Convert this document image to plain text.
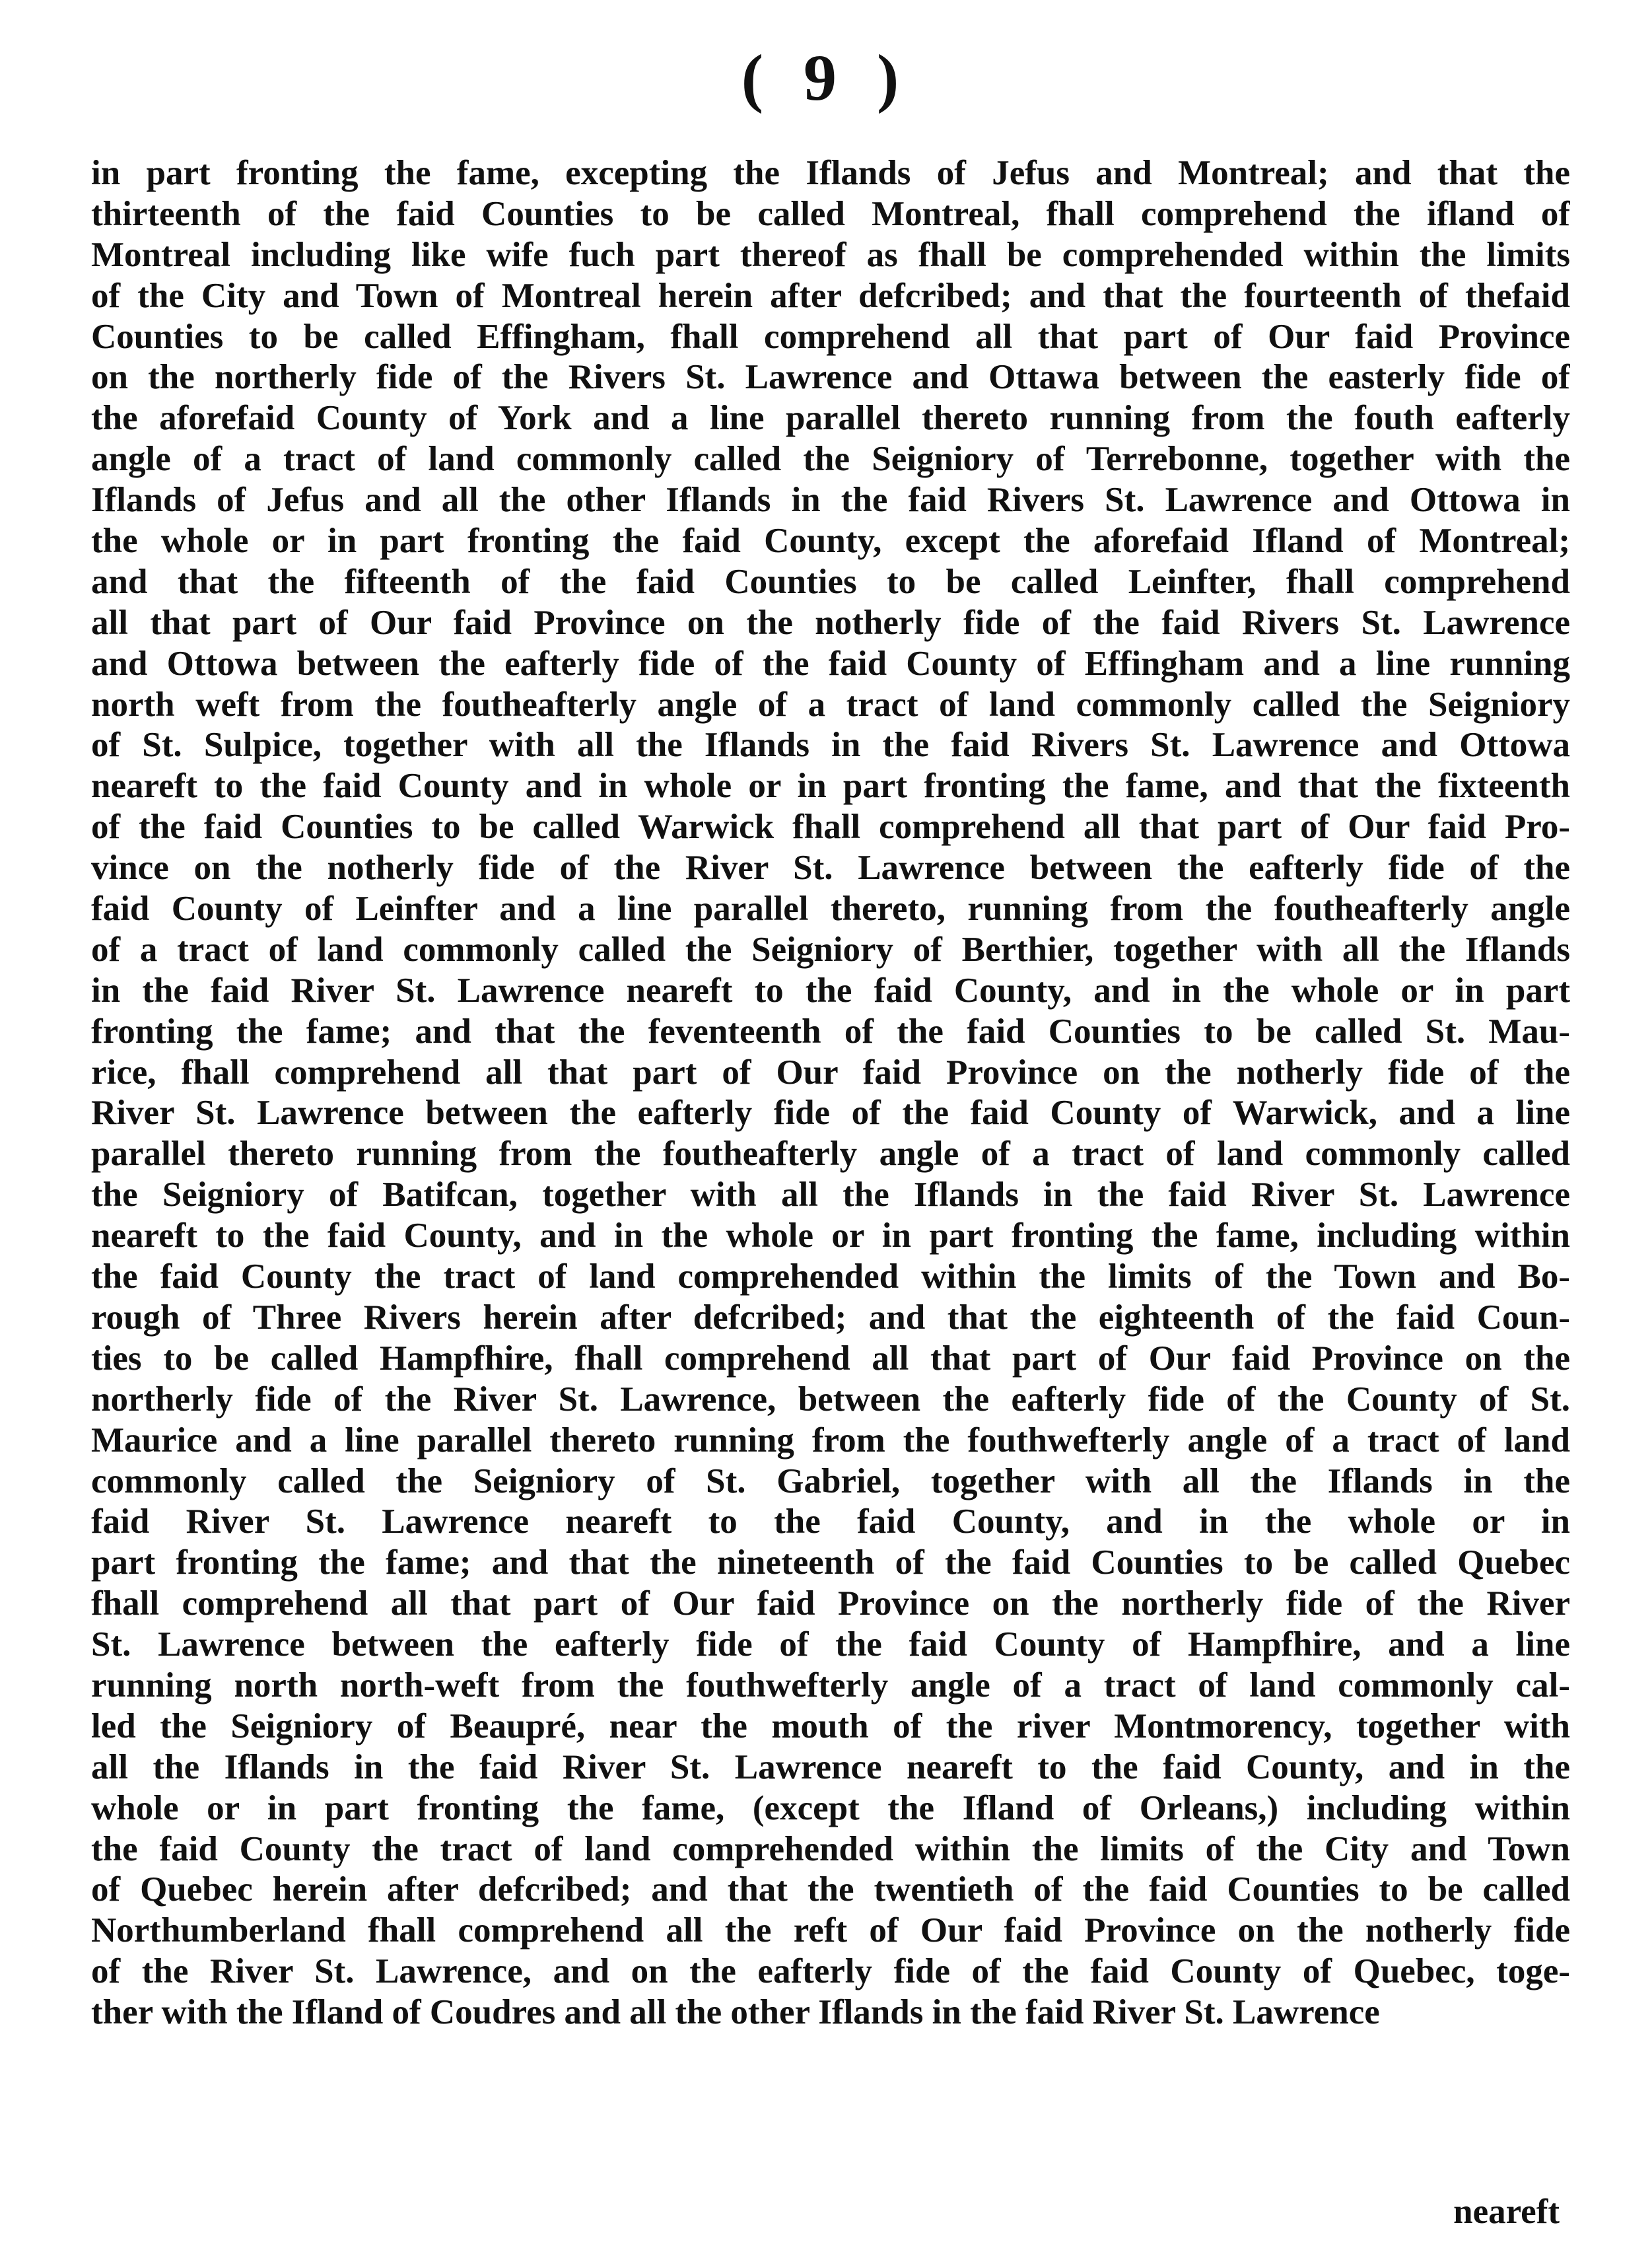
( 9 )
in part fronting the fame, excepting the Iflands of Jefus and Montreal; and that the
thirteenth of the faid Counties to be called Montreal, fhall comprehend the ifland of
Montreal including like wife fuch part thereof as fhall be comprehended within the limits
of the City and Town of Montreal herein after defcribed; and that the fourteenth of thefaid
Counties to be called Effingham, fhall comprehend all that part of Our faid Province
on the northerly fide of the Rivers St. Lawrence and Ottawa between the easterly fide of
the aforefaid County of York and a line parallel thereto running from the fouth eafterly
angle of a tract of land commonly called the Seigniory of Terrebonne, together with the
Iflands of Jefus and all the other Iflands in the faid Rivers St. Lawrence and Ottowa in
the whole or in part fronting the faid County, except the aforefaid Ifland of Montreal;
and that the fifteenth of the faid Counties to be called Leinfter, fhall comprehend
all that part of Our faid Province on the notherly fide of the faid Rivers St. Lawrence
and Ottowa between the eafterly fide of the faid County of Effingham and a line running
north weft from the foutheafterly angle of a tract of land commonly called the Seigniory
of St. Sulpice, together with all the Iflands in the faid Rivers St. Lawrence and Ottowa
neareft to the faid County and in whole or in part fronting the fame, and that the fixteenth
of the faid Counties to be called Warwick fhall comprehend all that part of Our faid Pro-
vince on the notherly fide of the River St. Lawrence between the eafterly fide of the
faid County of Leinfter and a line parallel thereto, running from the foutheafterly angle
of a tract of land commonly called the Seigniory of Berthier, together with all the Iflands
in the faid River St. Lawrence neareft to the faid County, and in the whole or in part
fronting the fame; and that the feventeenth of the faid Counties to be called St. Mau-
rice, fhall comprehend all that part of Our faid Province on the notherly fide of the
River St. Lawrence between the eafterly fide of the faid County of Warwick, and a line
parallel thereto running from the foutheafterly angle of a tract of land commonly called
the Seigniory of Batifcan, together with all the Iflands in the faid River St. Lawrence
neareft to the faid County, and in the whole or in part fronting the fame, including within
the faid County the tract of land comprehended within the limits of the Town and Bo-
rough of Three Rivers herein after defcribed; and that the eighteenth of the faid Coun-
ties to be called Hampfhire, fhall comprehend all that part of Our faid Province on the
northerly fide of the River St. Lawrence, between the eafterly fide of the County of St.
Maurice and a line parallel thereto running from the fouthwefterly angle of a tract of land
commonly called the Seigniory of St. Gabriel, together with all the Iflands in the
faid River St. Lawrence neareft to the faid County, and in the whole or in
part fronting the fame; and that the nineteenth of the faid Counties to be called Quebec
fhall comprehend all that part of Our faid Province on the northerly fide of the River
St. Lawrence between the eafterly fide of the faid County of Hampfhire, and a line
running north north-weft from the fouthwefterly angle of a tract of land commonly cal-
led the Seigniory of Beaupré, near the mouth of the river Montmorency, together with
all the Iflands in the faid River St. Lawrence neareft to the faid County, and in the
whole or in part fronting the fame, (except the Ifland of Orleans,) including within
the faid County the tract of land comprehended within the limits of the City and Town
of Quebec herein after defcribed; and that the twentieth of the faid Counties to be called
Northumberland fhall comprehend all the reft of Our faid Province on the notherly fide
of the River St. Lawrence, and on the eafterly fide of the faid County of Quebec, toge-
ther with the Ifland of Coudres and all the other Iflands in the faid River St. Lawrence
neareft
